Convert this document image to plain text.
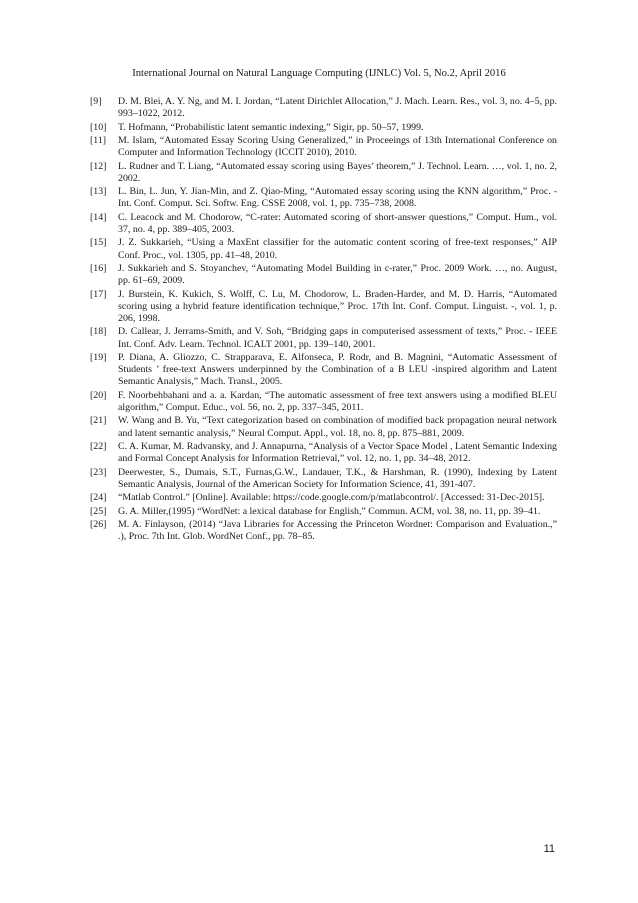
International Journal on Natural Language Computing (IJNLC) Vol. 5, No.2, April 2016
[9]	D. M. Blei, A. Y. Ng, and M. I. Jordan, “Latent Dirichlet Allocation,” J. Mach. Learn. Res., vol. 3, no. 4–5, pp. 993–1022, 2012.
[10]	T. Hofmann, “Probabilistic latent semantic indexing,” Sigir, pp. 50–57, 1999.
[11]	M. Islam, “Automated Essay Scoring Using Generalized,” in Proceeings of 13th International Conference on Computer and Information Technology (ICCIT 2010), 2010.
[12]	L. Rudner and T. Liang, “Automated essay scoring using Bayes’ theorem,” J. Technol. Learn. …, vol. 1, no. 2, 2002.
[13]	L. Bin, L. Jun, Y. Jian-Min, and Z. Qiao-Ming, “Automated essay scoring using the KNN algorithm,” Proc. - Int. Conf. Comput. Sci. Softw. Eng. CSSE 2008, vol. 1, pp. 735–738, 2008.
[14]	C. Leacock and M. Chodorow, “C-rater: Automated scoring of short-answer questions,” Comput. Hum., vol. 37, no. 4, pp. 389–405, 2003.
[15]	J. Z. Sukkarieh, “Using a MaxEnt classifier for the automatic content scoring of free-text responses,” AIP Conf. Proc., vol. 1305, pp. 41–48, 2010.
[16]	J. Sukkarieh and S. Stoyanchev, “Automating Model Building in c-rater,” Proc. 2009 Work. …, no. August, pp. 61–69, 2009.
[17]	J. Burstein, K. Kukich, S. Wolff, C. Lu, M. Chodorow, L. Braden-Harder, and M. D. Harris, “Automated scoring using a hybrid feature identification technique,” Proc. 17th Int. Conf. Comput. Linguist. -, vol. 1, p. 206, 1998.
[18]	D. Callear, J. Jerrams-Smith, and V. Soh, “Bridging gaps in computerised assessment of texts,” Proc. - IEEE Int. Conf. Adv. Learn. Technol. ICALT 2001, pp. 139–140, 2001.
[19]	P. Diana, A. Gliozzo, C. Strapparava, E. Alfonseca, P. Rodr, and B. Magnini, “Automatic Assessment of Students ’ free-text Answers underpinned by the Combination of a B LEU -inspired algorithm and Latent Semantic Analysis,” Mach. Transl., 2005.
[20]	F. Noorbehbahani and a. a. Kardan, “The automatic assessment of free text answers using a modified BLEU algorithm,” Comput. Educ., vol. 56, no. 2, pp. 337–345, 2011.
[21]	W. Wang and B. Yu, “Text categorization based on combination of modified back propagation neural network and latent semantic analysis,” Neural Comput. Appl., vol. 18, no. 8, pp. 875–881, 2009.
[22]	C. A. Kumar, M. Radvansky, and J. Annapurna, “Analysis of a Vector Space Model , Latent Semantic Indexing and Formal Concept Analysis for Information Retrieval,” vol. 12, no. 1, pp. 34–48, 2012.
[23]	Deerwester, S., Dumais, S.T., Furnas,G.W., Landauer, T.K., & Harshman, R. (1990), Indexing by Latent Semantic Analysis, Journal of the American Society for Information Science, 41, 391-407.
[24]	“Matlab Control.” [Online]. Available: https://code.google.com/p/matlabcontrol/. [Accessed: 31-Dec-2015].
[25]	G. A. Miller,(1995) “WordNet: a lexical database for English,” Commun. ACM, vol. 38, no. 11, pp. 39–41.
[26]	M. A. Finlayson, (2014) “Java Libraries for Accessing the Princeton Wordnet: Comparison and Evaluation.,” .), Proc. 7th Int. Glob. WordNet Conf., pp. 78–85.
11
